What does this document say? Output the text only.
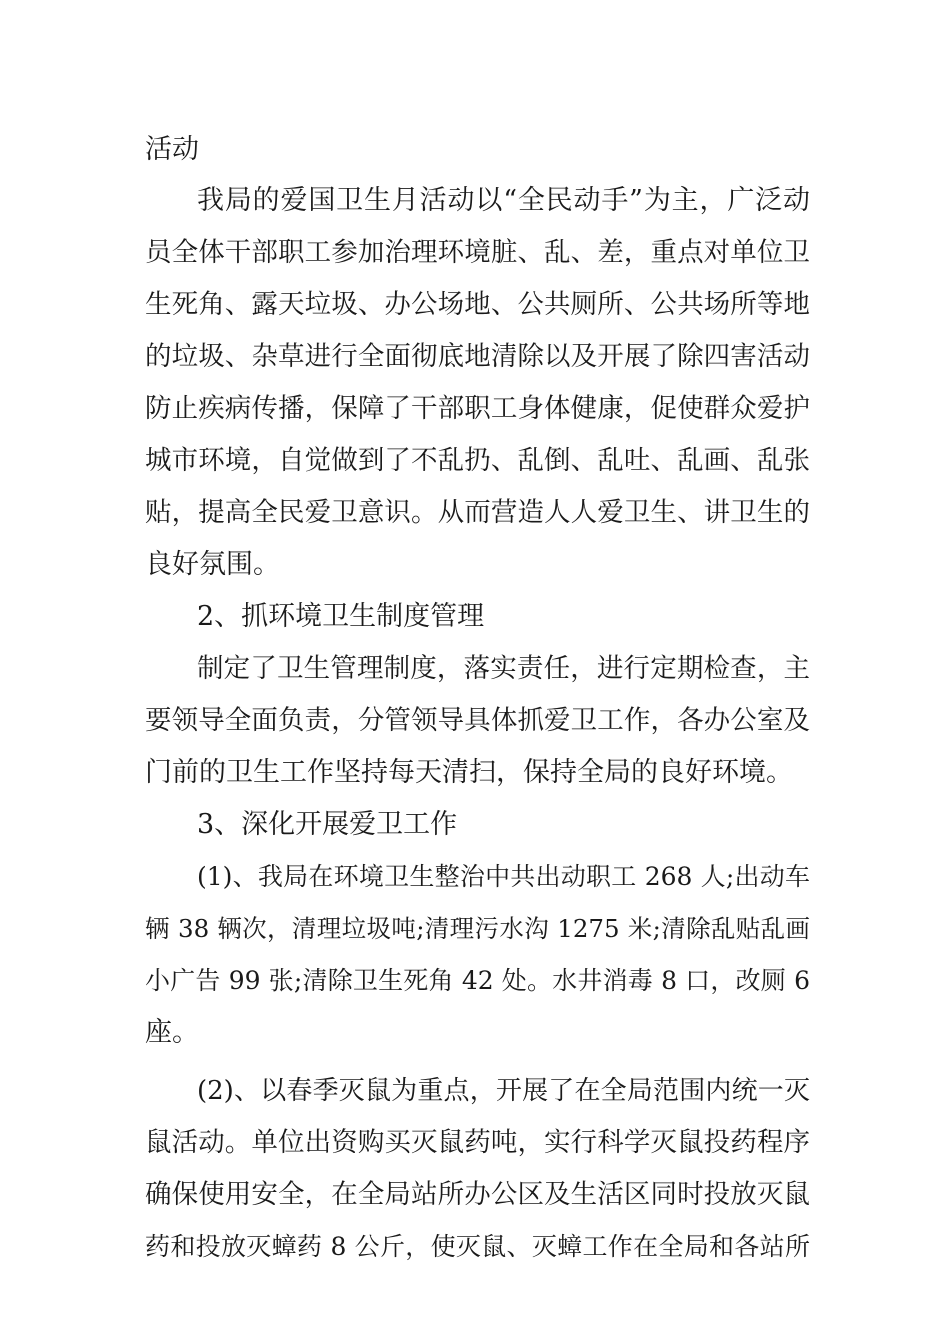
活动
我局的爱国卫生月活动以“全民动手”为主，广泛动
员全体干部职工参加治理环境脏、乱、差，重点对单位卫
生死角、露天垃圾、办公场地、公共厕所、公共场所等地
的垃圾、杂草进行全面彻底地清除以及开展了除四害活动
防止疾病传播，保障了干部职工身体健康，促使群众爱护
城市环境，自觉做到了不乱扔、乱倒、乱吐、乱画、乱张
贴，提高全民爱卫意识。从而营造人人爱卫生、讲卫生的
良好氛围。
2、抓环境卫生制度管理
制定了卫生管理制度，落实责任，进行定期检查，主
要领导全面负责，分管领导具体抓爱卫工作，各办公室及
门前的卫生工作坚持每天清扫，保持全局的良好环境。
3、深化开展爱卫工作
(1)、我局在环境卫生整治中共出动职工 268 人;出动车
辆 38 辆次，清理垃圾吨;清理污水沟 1275 米;清除乱贴乱画
小广告 99 张;清除卫生死角 42 处。水井消毒 8 口，改厕 6
座。
(2)、以春季灭鼠为重点，开展了在全局范围内统一灭
鼠活动。单位出资购买灭鼠药吨，实行科学灭鼠投药程序
确保使用安全，在全局站所办公区及生活区同时投放灭鼠
药和投放灭蟑药 8 公斤，使灭鼠、灭蟑工作在全局和各站所
